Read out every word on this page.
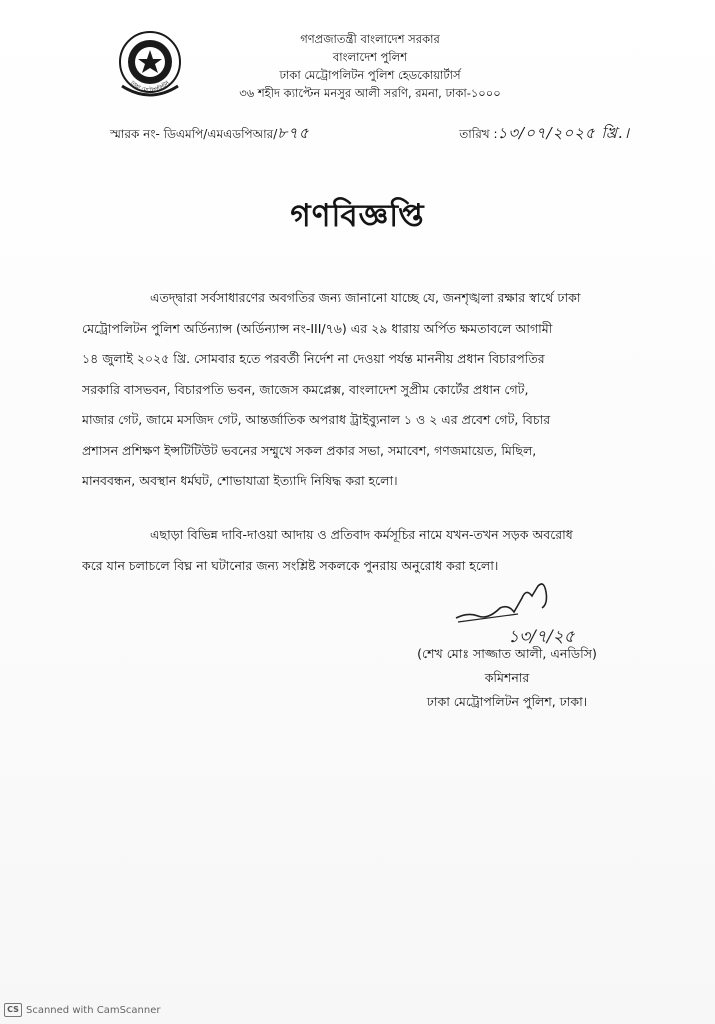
ঢাকা মেট্রোপলিটন
গণপ্রজাতন্ত্রী বাংলাদেশ সরকার
বাংলাদেশ পুলিশ
ঢাকা মেট্রোপলিটন পুলিশ হেডকোয়ার্টার্স
৩৬ শহীদ ক্যাপ্টেন মনসুর আলী সরণি, রমনা, ঢাকা-১০০০
স্মারক নং- ডিএমপি/এমএডপিআর/৮৭৫	তারিখ :১৩/০৭/২০২৫ খ্রি.।
গণবিজ্ঞপ্তি
এতদ্দ্বারা সর্বসাধারণের অবগতির জন্য জানানো যাচ্ছে যে, জনশৃঙ্খলা রক্ষার স্বার্থে ঢাকা
মেট্রোপলিটন পুলিশ অর্ডিন্যান্স (অর্ডিন্যান্স নং-III/৭৬) এর ২৯ ধারায় অর্পিত ক্ষমতাবলে আগামী
১৪ জুলাই ২০২৫ খ্রি. সোমবার হতে পরবর্তী নির্দেশ না দেওয়া পর্যন্ত মাননীয় প্রধান বিচারপতির
সরকারি বাসভবন, বিচারপতি ভবন, জাজেস কমপ্লেক্স, বাংলাদেশ সুপ্রীম কোর্টের প্রধান গেট,
মাজার গেট, জামে মসজিদ গেট, আন্তর্জাতিক অপরাধ ট্রাইব্যুনাল ১ ও ২ এর প্রবেশ গেট, বিচার
প্রশাসন প্রশিক্ষণ ইন্সটিটিউট ভবনের সম্মুখে সকল প্রকার সভা, সমাবেশ, গণজমায়েত, মিছিল,
মানববন্ধন, অবস্থান ধর্মঘট, শোভাযাত্রা ইত্যাদি নিষিদ্ধ করা হলো।
এছাড়া বিভিন্ন দাবি-দাওয়া আদায় ও প্রতিবাদ কর্মসূচির নামে যখন-তখন সড়ক অবরোধ
করে যান চলাচলে বিঘ্ন না ঘটানোর জন্য সংশ্লিষ্ট সকলকে পুনরায় অনুরোধ করা হলো।
১৩/৭/২৫
(শেখ মোঃ সাজ্জাত আলী, এনডিসি)
কমিশনার
ঢাকা মেট্রোপলিটন পুলিশ, ঢাকা।
CS Scanned with CamScanner
